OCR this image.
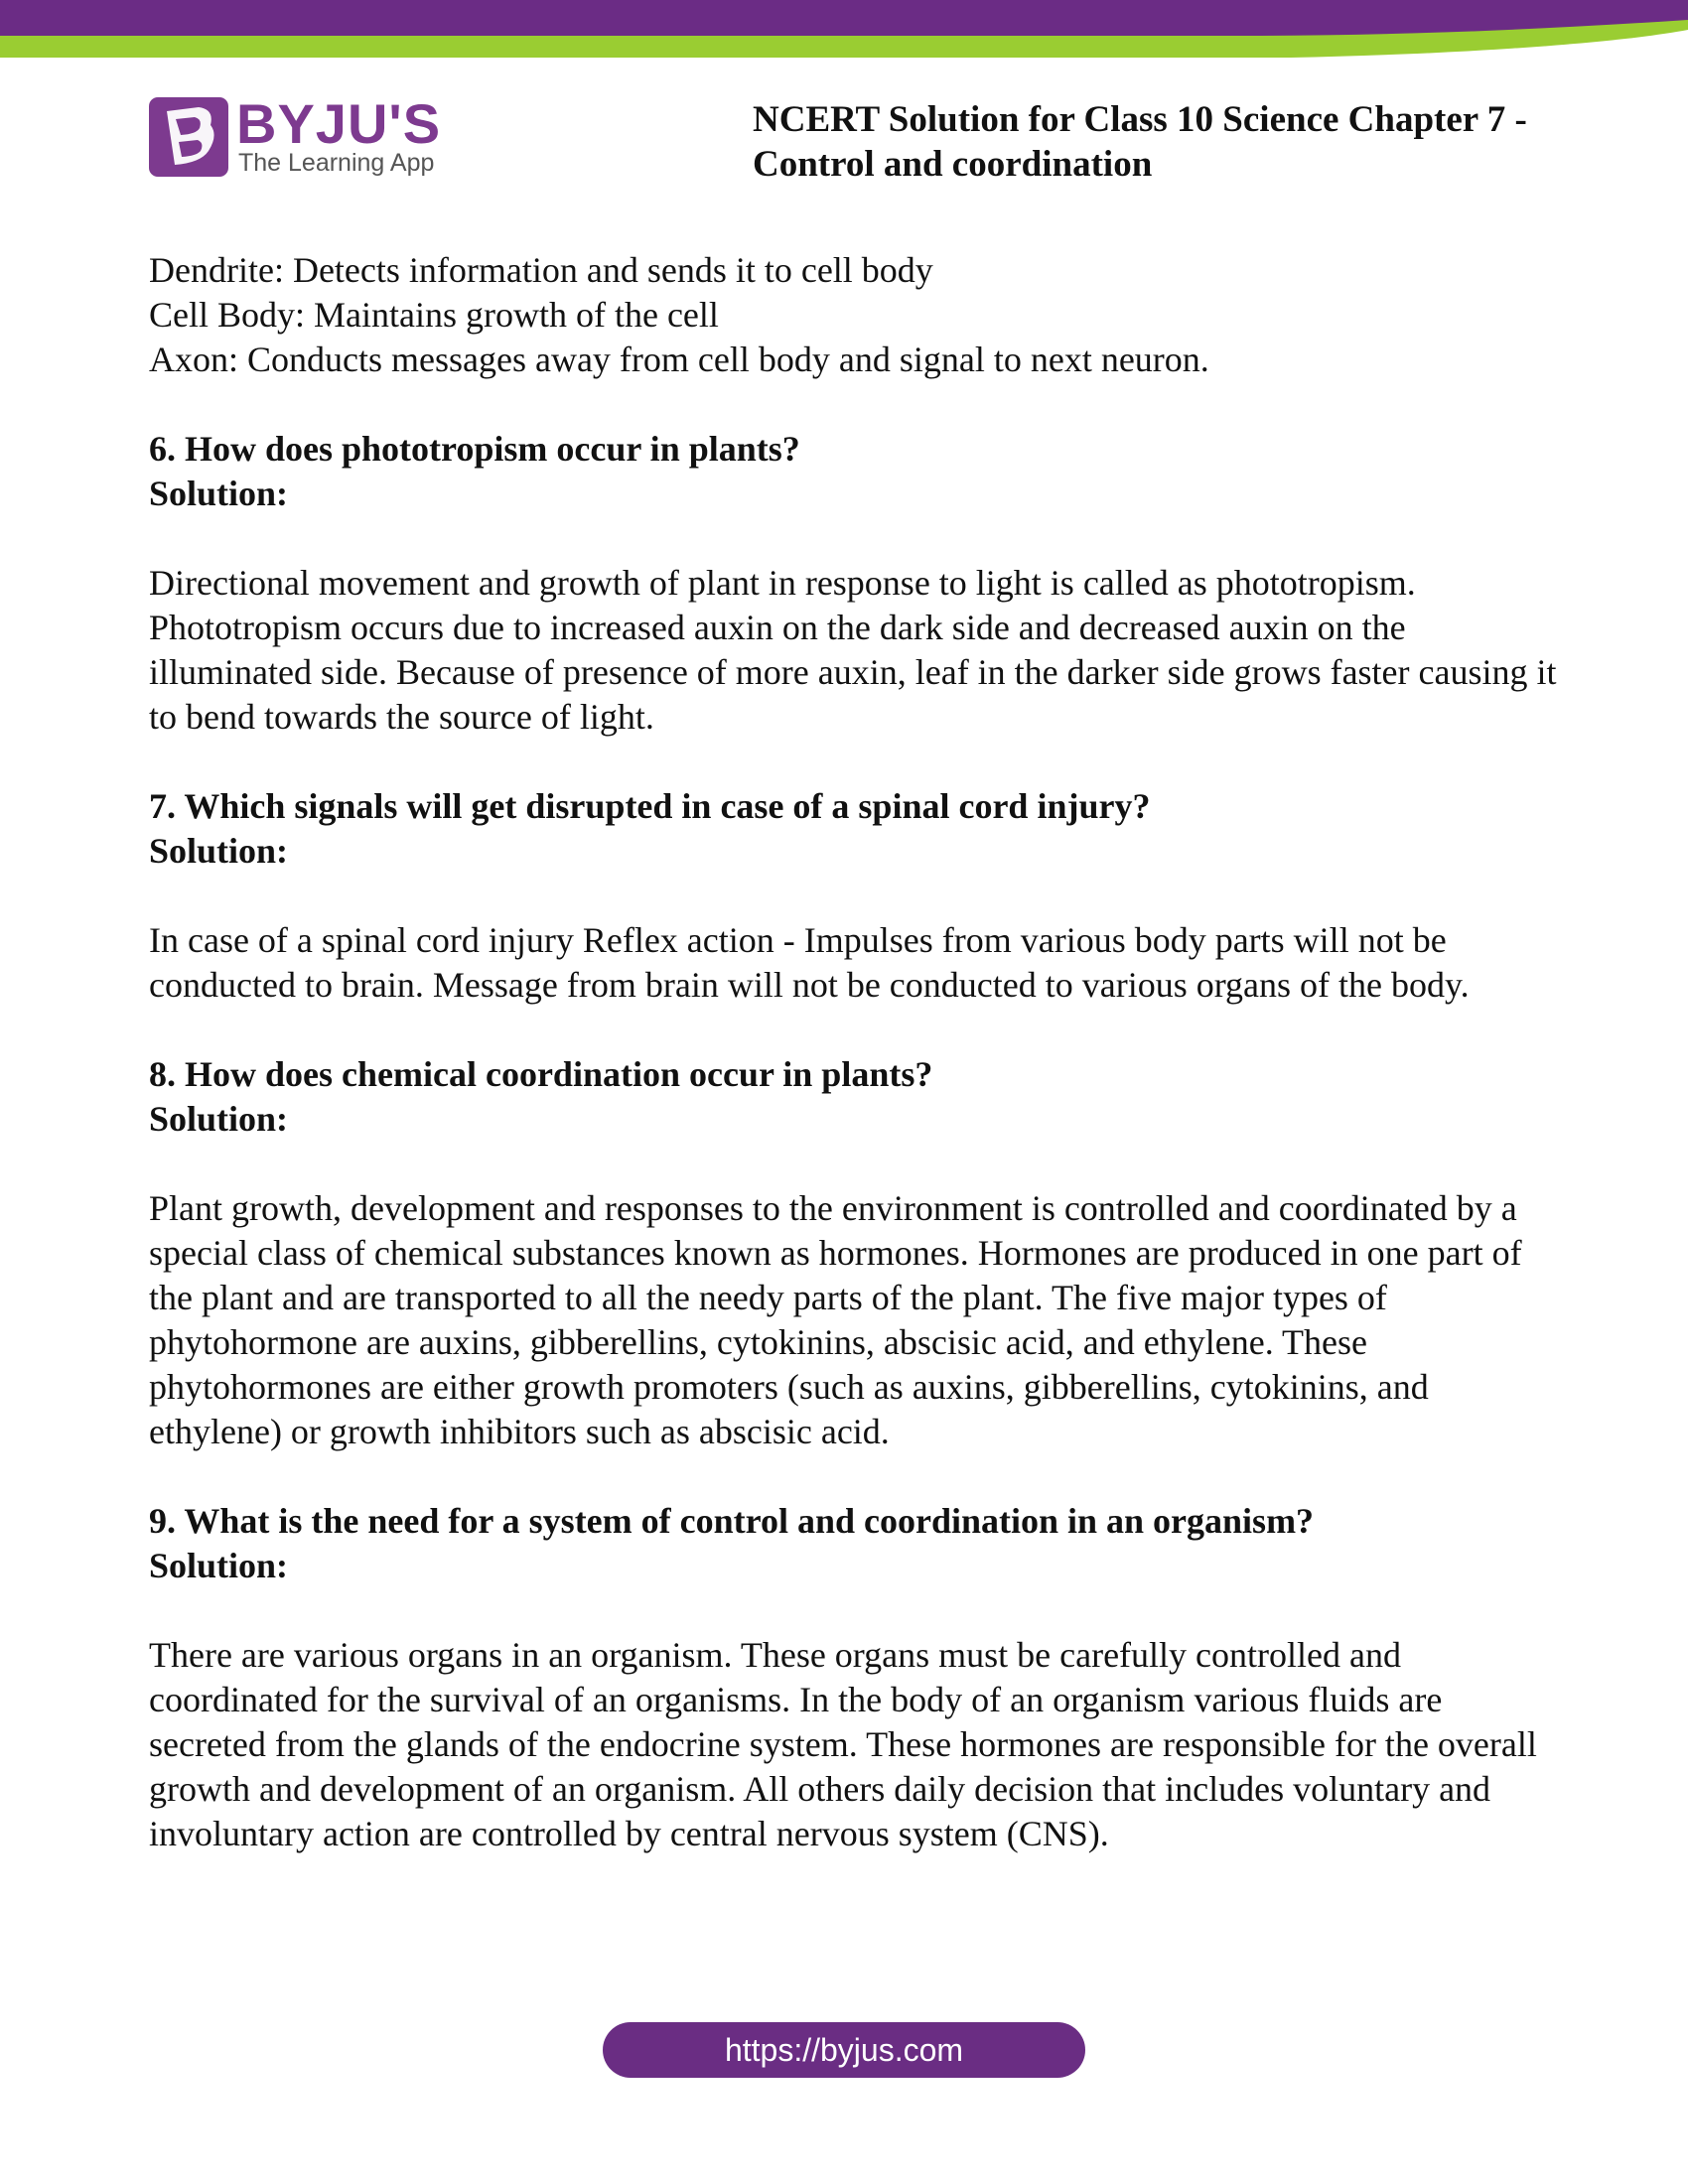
BYJU'S
The Learning App
NCERT Solution for Class 10 Science Chapter 7 -
Control and coordination
Dendrite: Detects information and sends it to cell body
Cell Body: Maintains growth of the cell
Axon: Conducts messages away from cell body and signal to next neuron.
6. How does phototropism occur in plants?
Solution:

Directional movement and growth of plant in response to light is called as phototropism. Phototropism occurs due to increased auxin on the dark side and decreased auxin on the illuminated side. Because of presence of more auxin, leaf in the darker side grows faster causing it to bend towards the source of light.

7. Which signals will get disrupted in case of a spinal cord injury?
Solution:

In case of a spinal cord injury Reflex action - Impulses from various body parts will not be conducted to brain. Message from brain will not be conducted to various organs of the body.

8. How does chemical coordination occur in plants?
Solution:

Plant growth, development and responses to the environment is controlled and coordinated by a special class of chemical substances known as hormones. Hormones are produced in one part of the plant and are transported to all the needy parts of the plant. The five major types of phytohormone are auxins, gibberellins, cytokinins, abscisic acid, and ethylene. These phytohormones are either growth promoters (such as auxins, gibberellins, cytokinins, and ethylene) or growth inhibitors such as abscisic acid.

9. What is the need for a system of control and coordination in an organism?
Solution:

There are various organs in an organism. These organs must be carefully controlled and coordinated for the survival of an organisms. In the body of an organism various fluids are secreted from the glands of the endocrine system. These hormones are responsible for the overall growth and development of an organism. All others daily decision that includes voluntary and involuntary action are controlled by central nervous system (CNS).

https://byjus.com
